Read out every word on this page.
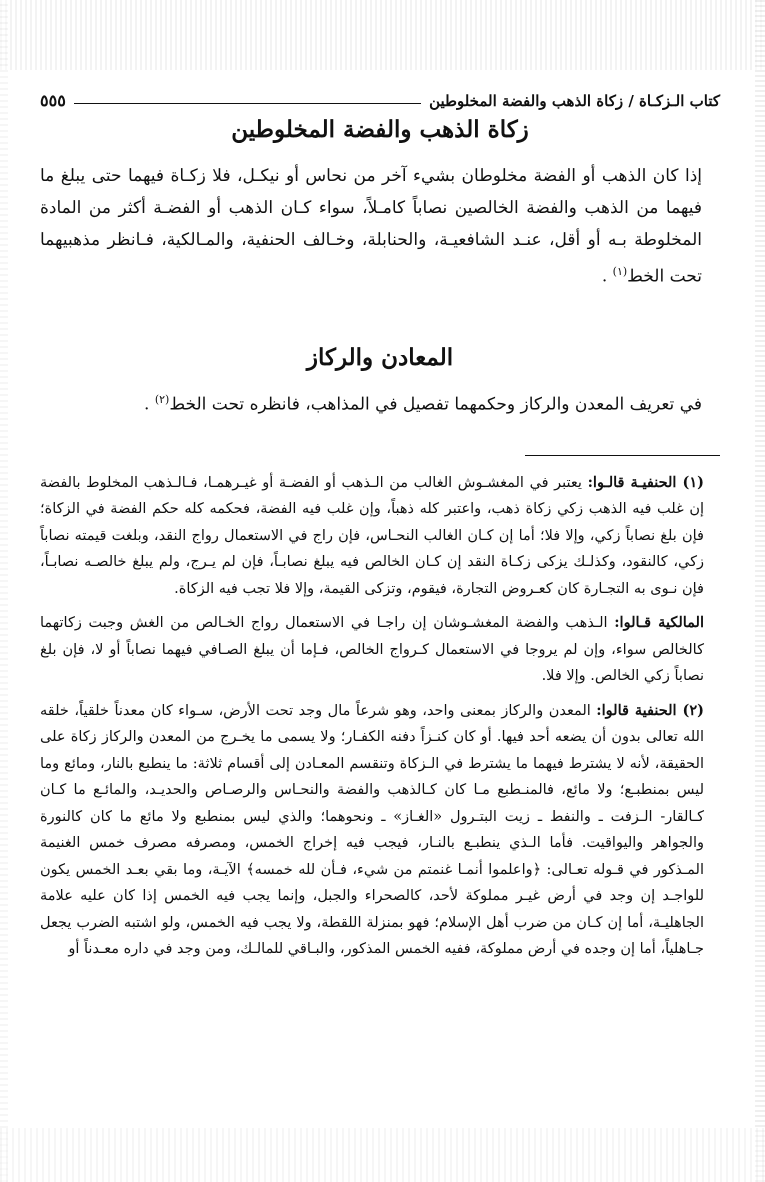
كتاب الـزكـاة / زكاة الذهب والفضة المخلوطين
٥٥٥
زكاة الذهب والفضة المخلوطين

إذا كان الذهب أو الفضة مخلوطان بشيء آخر من نحاس أو نيكـل، فلا زكـاة فيهما حتى يبلغ ما فيهما من الذهب والفضة الخالصين نصاباً كامـلاً، سواء كـان الذهب أو الفضـة أكثر من المادة المخلوطة بـه أو أقل، عنـد الشافعيـة، والحنابلة، وخـالف الحنفية، والمـالكية، فـانظر مذهبيهما تحت الخط$^{(١)}$ .

المعادن والركاز

في تعريف المعدن والركاز وحكمهما تفصيل في المذاهب، فانظره تحت الخط$^{(٢)}$ .

(١) الحنفيـة قالـوا: يعتبر في المغشـوش الغالب من الـذهب أو الفضـة أو غيـرهمـا، فـالـذهب المخلوط بالفضة إن غلب فيه الذهب زكي زكاة ذهب، واعتبر كله ذهباً، وإن غلب فيه الفضة، فحكمه كله حكم الفضة في الزكاة؛ فإن بلغ نصاباً زكي، وإلا فلا؛ أما إن كـان الغالب النحـاس، فإن راج في الاستعمال رواج النقد، وبلغت قيمته نصاباً زكي، كالنقود، وكذلـك يزكى زكـاة النقد إن كـان الخالص فيه يبلغ نصابـاً، فإن لم يـرج، ولم يبلغ خالصـه نصابـاً، فإن نـوى به التجـارة كان كعـروض التجارة، فيقوم، وتزكى القيمة، وإلا فلا تجب فيه الزكاة.

المالكية قـالوا: الـذهب والفضة المغشـوشان إن راجـا في الاستعمال رواج الخـالص من الغش وجبت زكاتهما كالخالص سواء، وإن لم يروجا في الاستعمال كـرواج الخالص، فـإما أن يبلغ الصـافي فيهما نصاباً أو لا، فإن بلغ نصاباً زكي الخالص. وإلا فلا.

(٢) الحنفية قالوا: المعدن والركاز بمعنى واحد، وهو شرعاً مال وجد تحت الأرض، سـواء كان معدناً خلقياً، خلقه الله تعالى بدون أن يضعه أحد فيها. أو كان كنـزاً دفنه الكفـار؛ ولا يسمى ما يخـرج من المعدن والركاز زكاة على الحقيقة، لأنه لا يشترط فيهما ما يشترط في الـزكاة وتنقسم المعـادن إلى أقسام ثلاثة: ما ينطبع بالنار، ومائع وما ليس بمنطبـع؛ ولا مائع، فالمنـطبع مـا كان كـالذهب والفضة والنحـاس والرصـاص والحديـد، والمائـع ما كـان كـالقار- الـزفت ـ والنفط ـ زيت البتـرول «الغـاز» ـ ونحوهما؛ والذي ليس بمنطبع ولا مائع ما كان كالنورة والجواهر واليواقيت. فأما الـذي ينطبـع بالنـار، فيجب فيه إخراج الخمس، ومصرفه مصرف خمس الغنيمة المـذكور في قـوله تعـالى: ﴿واعلموا أنمـا غنمتم من شيء، فـأن لله خمسه﴾ الآيـة، وما بقي بعـد الخمس يكون للواجـد إن وجد في أرض غيـر مملوكة لأحد، كالصحراء والجبل، وإنما يجب فيه الخمس إذا كان عليه علامة الجاهليـة، أما إن كـان من ضرب أهل الإسلام؛ فهو بمنزلة اللقطة، ولا يجب فيه الخمس، ولو اشتبه الضرب يجعل جـاهلياً، أما إن وجده في أرض مملوكة، ففيه الخمس المذكور، والبـاقي للمالـك، ومن وجد في داره معـدناً أو
